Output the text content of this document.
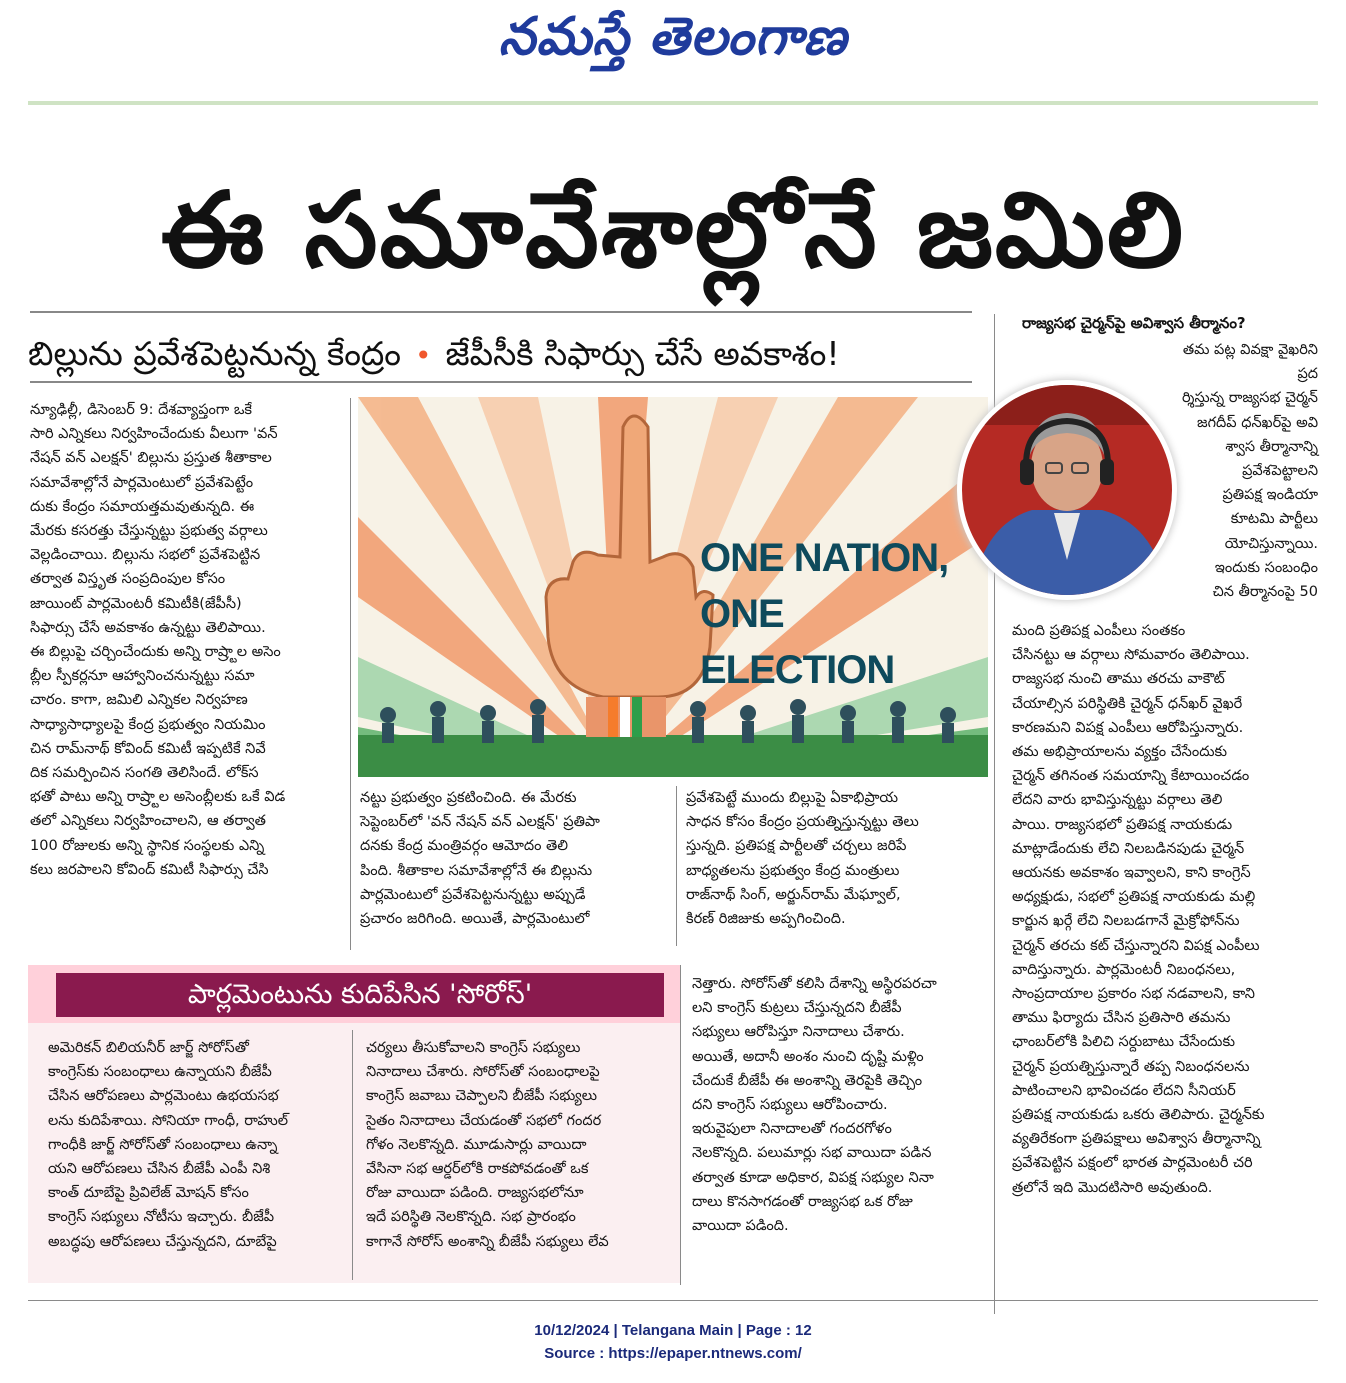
నమస్తే తెలంగాణ
ఈ సమావేశాల్లోనే జమిలి
బిల్లును ప్రవేశపెట్టనున్న కేంద్రం • జేపీసీకి సిఫార్సు చేసే అవకాశం!
న్యూఢిల్లీ, డిసెంబర్ 9: దేశవ్యాప్తంగా ఒకే
సారి ఎన్నికలు నిర్వహించేందుకు వీలుగా 'వన్
నేషన్ వన్ ఎలక్షన్' బిల్లును ప్రస్తుత శీతాకాల
సమావేశాల్లోనే పార్లమెంటులో ప్రవేశపెట్టేం
దుకు కేంద్రం సమాయత్తమవుతున్నది. ఈ
మేరకు కసరత్తు చేస్తున్నట్టు ప్రభుత్వ వర్గాలు
వెల్లడించాయి. బిల్లును సభలో ప్రవేశపెట్టిన
తర్వాత విస్తృత సంప్రదింపుల కోసం
జాయింట్ పార్లమెంటరీ కమిటీకి(జేపీసీ)
సిఫార్సు చేసే అవకాశం ఉన్నట్టు తెలిపాయి.
ఈ బిల్లుపై చర్చించేందుకు అన్ని రాష్ర్టాల అసెం
బ్లీల స్పీకర్లనూ ఆహ్వానించనున్నట్టు సమా
చారం. కాగా, జమిలి ఎన్నికల నిర్వహణ
సాధ్యాసాధ్యాలపై కేంద్ర ప్రభుత్వం నియమిం
చిన రామ్‌నాథ్ కోవింద్ కమిటీ ఇప్పటికే నివే
దిక సమర్పించిన సంగతి తెలిసిందే. లోక్‌స
భతో పాటు అన్ని రాష్ర్టాల అసెంబ్లీలకు ఒకే విడ
తలో ఎన్నికలు నిర్వహించాలని, ఆ తర్వాత
100 రోజులకు అన్ని స్థానిక సంస్థలకు ఎన్ని
కలు జరపాలని కోవింద్ కమిటీ సిఫార్సు చేసి
ONE NATION,
ONE ELECTION
నట్టు ప్రభుత్వం ప్రకటించింది. ఈ మేరకు
సెప్టెంబర్‌లో 'వన్ నేషన్ వన్ ఎలక్షన్' ప్రతిపా
దనకు కేంద్ర మంత్రివర్గం ఆమోదం తెలి
పింది. శీతాకాల సమావేశాల్లోనే ఈ బిల్లును
పార్లమెంటులో ప్రవేశపెట్టనున్నట్టు అప్పుడే
ప్రచారం జరిగింది. అయితే, పార్లమెంటులో
ప్రవేశపెట్టే ముందు బిల్లుపై ఏకాభిప్రాయ
సాధన కోసం కేంద్రం ప్రయత్నిస్తున్నట్టు తెలు
స్తున్నది. ప్రతిపక్ష పార్టీలతో చర్చలు జరిపే
బాధ్యతలను ప్రభుత్వం కేంద్ర మంత్రులు
రాజ్‌నాథ్ సింగ్, అర్జున్‌రామ్ మేఘ్వాల్,
కిరణ్ రిజిజుకు అప్పగించింది.
రాజ్యసభ చైర్మన్‌పై అవిశ్వాస తీర్మానం?
తమ పట్ల వివక్షా వైఖరిని ప్రద
ర్శిస్తున్న రాజ్యసభ చైర్మన్
జగదీప్ ధన్‌ఖర్‌పై అవి
శ్వాస తీర్మానాన్ని
ప్రవేశపెట్టాలని
ప్రతిపక్ష ఇండియా
కూటమి పార్టీలు
యోచిస్తున్నాయి.
ఇందుకు సంబంధిం
చిన తీర్మానంపై 50
మంది ప్రతిపక్ష ఎంపీలు సంతకం
చేసినట్టు ఆ వర్గాలు సోమవారం తెలిపాయి.
రాజ్యసభ నుంచి తాము తరచు వాకౌట్
చేయాల్సిన పరిస్థితికి చైర్మన్ ధన్‌ఖర్ వైఖరే
కారణమని విపక్ష ఎంపీలు ఆరోపిస్తున్నారు.
తమ అభిప్రాయాలను వ్యక్తం చేసేందుకు
చైర్మన్ తగినంత సమయాన్ని కేటాయించడం
లేదని వారు భావిస్తున్నట్టు వర్గాలు తెలి
పాయి. రాజ్యసభలో ప్రతిపక్ష నాయకుడు
మాట్లాడేందుకు లేచి నిలబడినపుడు చైర్మన్
ఆయనకు అవకాశం ఇవ్వాలని, కాని కాంగ్రెస్
అధ్యక్షుడు, సభలో ప్రతిపక్ష నాయకుడు మల్లి
కార్జున ఖర్గే లేచి నిలబడగానే మైక్రోఫోన్‌ను
చైర్మన్ తరచు కట్ చేస్తున్నారని విపక్ష ఎంపీలు
వాదిస్తున్నారు. పార్లమెంటరీ నిబంధనలు,
సాంప్రదాయాల ప్రకారం సభ నడవాలని, కాని
తాము ఫిర్యాదు చేసిన ప్రతిసారి తమను
ఛాంబర్‌లోకి పిలిచి సర్దుబాటు చేసేందుకు
చైర్మన్ ప్రయత్నిస్తున్నారే తప్ప నిబంధనలను
పాటించాలని భావించడం లేదని సీనియర్
ప్రతిపక్ష నాయకుడు ఒకరు తెలిపారు. చైర్మన్‌కు
వ్యతిరేకంగా ప్రతిపక్షాలు అవిశ్వాస తీర్మానాన్ని
ప్రవేశపెట్టిన పక్షంలో భారత పార్లమెంటరీ చరి
త్రలోనే ఇది మొదటిసారి అవుతుంది.
పార్లమెంటును కుదిపేసిన 'సోరోస్'
అమెరికన్ బిలియనీర్ జార్జ్ సోరోస్‌తో
కాంగ్రెస్‌కు సంబంధాలు ఉన్నాయని బీజేపీ
చేసిన ఆరోపణలు పార్లమెంటు ఉభయసభ
లను కుదిపేశాయి. సోనియా గాంధీ, రాహుల్
గాంధీకి జార్జ్ సోరోస్‌తో సంబంధాలు ఉన్నా
యని ఆరోపణలు చేసిన బీజేపీ ఎంపీ నిశి
కాంత్ దూబేపై ప్రివిలేజ్ మోషన్ కోసం
కాంగ్రెస్ సభ్యులు నోటీసు ఇచ్చారు. బీజేపీ
అబద్ధపు ఆరోపణలు చేస్తున్నదని, దూబేపై
చర్యలు తీసుకోవాలని కాంగ్రెస్ సభ్యులు
నినాదాలు చేశారు. సోరోస్‌తో సంబంధాలపై
కాంగ్రెస్ జవాబు చెప్పాలని బీజేపీ సభ్యులు
సైతం నినాదాలు చేయడంతో సభలో గందర
గోళం నెలకొన్నది. మూడుసార్లు వాయిదా
వేసినా సభ ఆర్డర్‌లోకి రాకపోవడంతో ఒక
రోజు వాయిదా పడింది. రాజ్యసభలోనూ
ఇదే పరిస్థితి నెలకొన్నది. సభ ప్రారంభం
కాగానే సోరోస్ అంశాన్ని బీజేపీ సభ్యులు లేవ
నెత్తారు. సోరోస్‌తో కలిసి దేశాన్ని అస్థిరపరచా
లని కాంగ్రెస్ కుట్రలు చేస్తున్నదని బీజేపీ
సభ్యులు ఆరోపిస్తూ నినాదాలు చేశారు.
అయితే, అదానీ అంశం నుంచి దృష్టి మళ్లిం
చేందుకే బీజేపీ ఈ అంశాన్ని తెరపైకి తెచ్చిం
దని కాంగ్రెస్ సభ్యులు ఆరోపించారు.
ఇరువైపులా నినాదాలతో గందరగోళం
నెలకొన్నది. పలుమార్లు సభ వాయిదా పడిన
తర్వాత కూడా అధికార, విపక్ష సభ్యుల నినా
దాలు కొనసాగడంతో రాజ్యసభ ఒక రోజు
వాయిదా పడింది.
10/12/2024 | Telangana Main | Page : 12
Source : https://epaper.ntnews.com/
